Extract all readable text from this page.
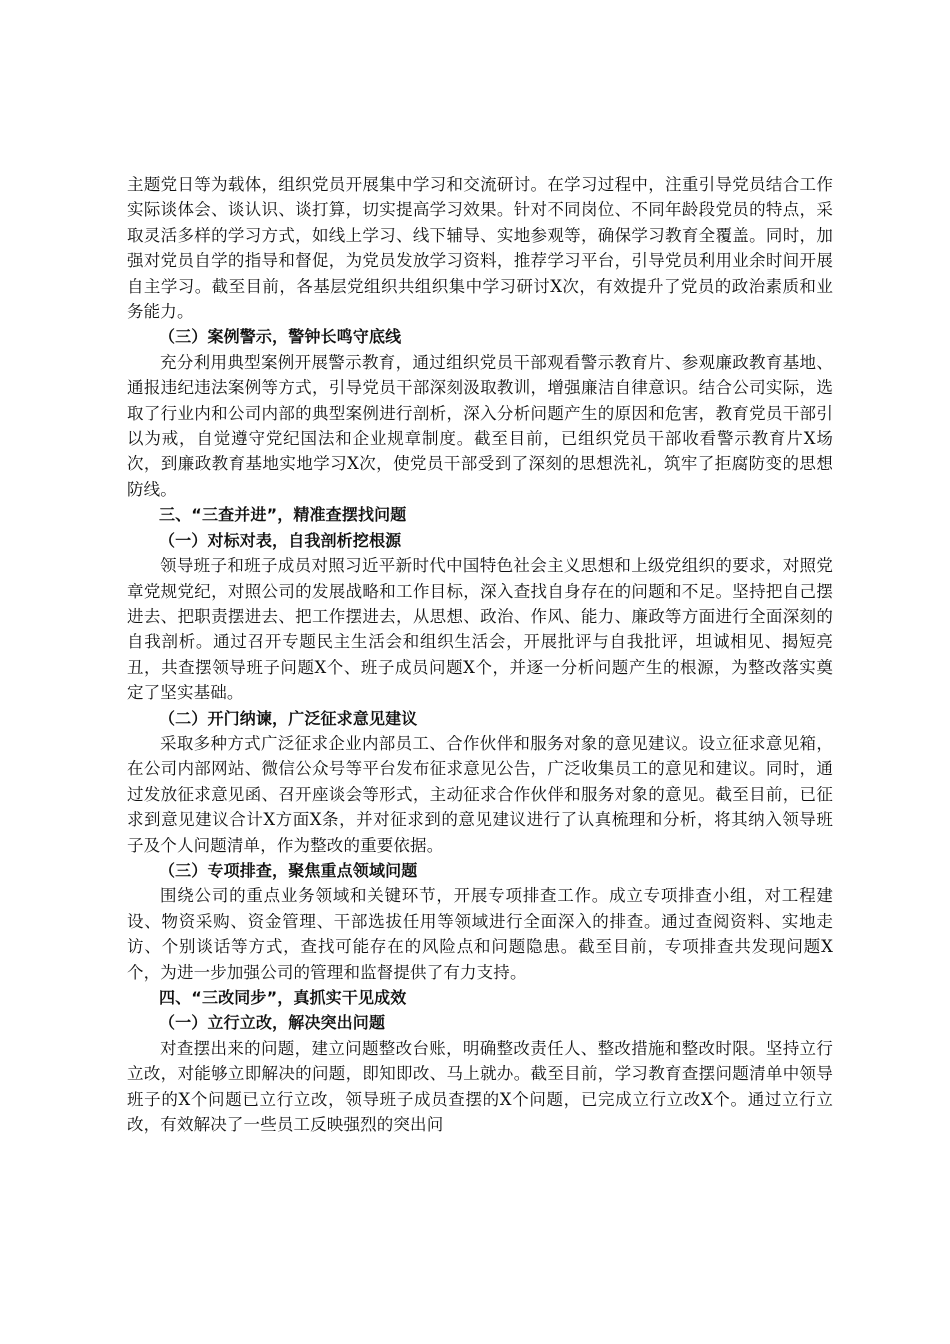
主题党日等为载体，组织党员开展集中学习和交流研讨。在学习过程中，注重引导党员结合工作实际谈体会、谈认识、谈打算，切实提高学习效果。针对不同岗位、不同年龄段党员的特点，采取灵活多样的学习方式，如线上学习、线下辅导、实地参观等，确保学习教育全覆盖。同时，加强对党员自学的指导和督促，为党员发放学习资料，推荐学习平台，引导党员利用业余时间开展自主学习。截至目前，各基层党组织共组织集中学习研讨X次，有效提升了党员的政治素质和业务能力。

（三）案例警示，警钟长鸣守底线

充分利用典型案例开展警示教育，通过组织党员干部观看警示教育片、参观廉政教育基地、通报违纪违法案例等方式，引导党员干部深刻汲取教训，增强廉洁自律意识。结合公司实际，选取了行业内和公司内部的典型案例进行剖析，深入分析问题产生的原因和危害，教育党员干部引以为戒，自觉遵守党纪国法和企业规章制度。截至目前，已组织党员干部收看警示教育片X场次，到廉政教育基地实地学习X次，使党员干部受到了深刻的思想洗礼，筑牢了拒腐防变的思想防线。

三、“三查并进”，精准查摆找问题

（一）对标对表，自我剖析挖根源

领导班子和班子成员对照习近平新时代中国特色社会主义思想和上级党组织的要求，对照党章党规党纪，对照公司的发展战略和工作目标，深入查找自身存在的问题和不足。坚持把自己摆进去、把职责摆进去、把工作摆进去，从思想、政治、作风、能力、廉政等方面进行全面深刻的自我剖析。通过召开专题民主生活会和组织生活会，开展批评与自我批评，坦诚相见、揭短亮丑，共查摆领导班子问题X个、班子成员问题X个，并逐一分析问题产生的根源，为整改落实奠定了坚实基础。

（二）开门纳谏，广泛征求意见建议

采取多种方式广泛征求企业内部员工、合作伙伴和服务对象的意见建议。设立征求意见箱，在公司内部网站、微信公众号等平台发布征求意见公告，广泛收集员工的意见和建议。同时，通过发放征求意见函、召开座谈会等形式，主动征求合作伙伴和服务对象的意见。截至目前，已征求到意见建议合计X方面X条，并对征求到的意见建议进行了认真梳理和分析，将其纳入领导班子及个人问题清单，作为整改的重要依据。

（三）专项排查，聚焦重点领域问题

围绕公司的重点业务领域和关键环节，开展专项排查工作。成立专项排查小组，对工程建设、物资采购、资金管理、干部选拔任用等领域进行全面深入的排查。通过查阅资料、实地走访、个别谈话等方式，查找可能存在的风险点和问题隐患。截至目前，专项排查共发现问题X个，为进一步加强公司的管理和监督提供了有力支持。

四、“三改同步”，真抓实干见成效

（一）立行立改，解决突出问题

对查摆出来的问题，建立问题整改台账，明确整改责任人、整改措施和整改时限。坚持立行立改，对能够立即解决的问题，即知即改、马上就办。截至目前，学习教育查摆问题清单中领导班子的X个问题已立行立改，领导班子成员查摆的X个问题，已完成立行立改X个。通过立行立改，有效解决了一些员工反映强烈的突出问
